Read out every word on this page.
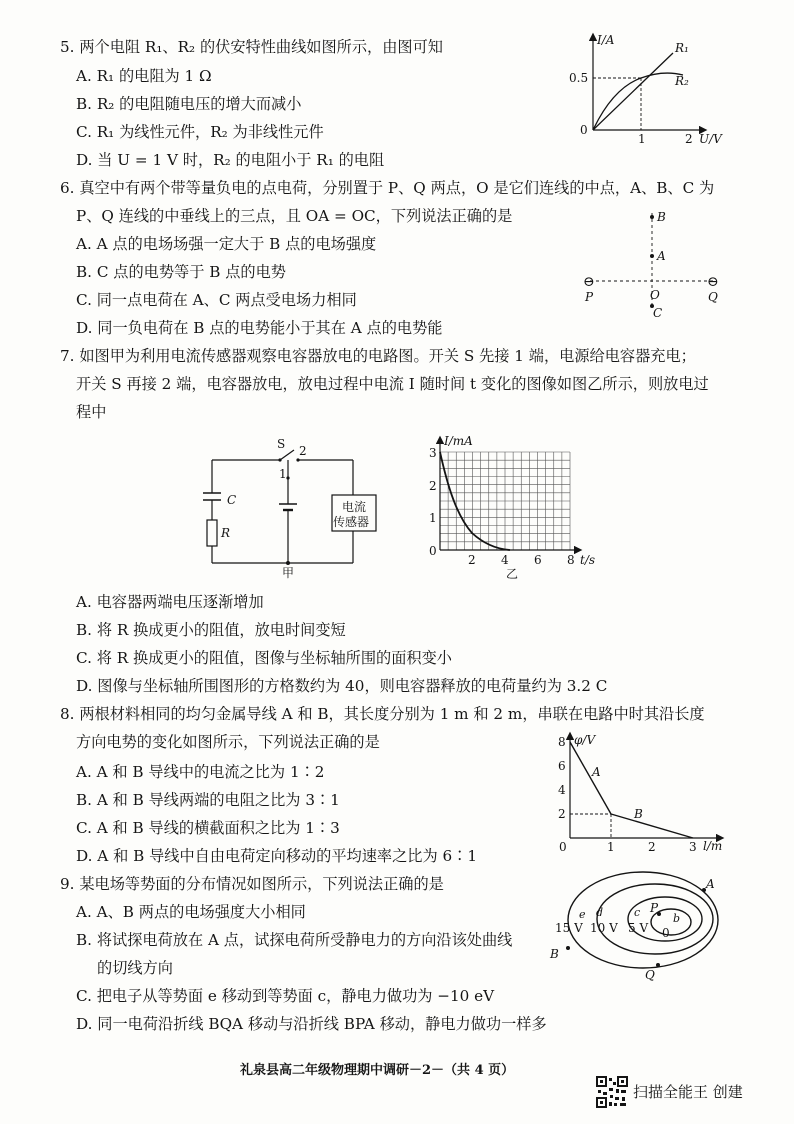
5. 两个电阻 R₁、R₂ 的伏安特性曲线如图所示，由图可知
A. R₁ 的电阻为 1 Ω
B. R₂ 的电阻随电压的增大而减小
C. R₁ 为线性元件，R₂ 为非线性元件
D. 当 U = 1 V 时，R₂ 的电阻小于 R₁ 的电阻
I/A
U/V
0
0.5
1	2
R₁
R₂
6. 真空中有两个带等量负电的点电荷，分别置于 P、Q 两点，O 是它们连线的中点，A、B、C 为
P、Q 连线的中垂线上的三点，且 OA = OC，下列说法正确的是
A. A 点的电场场强一定大于 B 点的电场强度
B. C 点的电势等于 B 点的电势
C. 同一点电荷在 A、C 两点受电场力相同
D. 同一负电荷在 B 点的电势能小于其在 A 点的电势能
⊖	⊖
P	Q
B
A
O
C
7. 如图甲为利用电流传感器观察电容器放电的电路图。开关 S 先接 1 端，电源给电容器充电；
开关 S 再接 2 端，电容器放电，放电过程中电流 I 随时间 t 变化的图像如图乙所示，则放电过
程中
S 2
1
C
R
电流
传感器
甲
I/mA
t/s
0
2 4 6 8
1
2
3
乙
A. 电容器两端电压逐渐增加
B. 将 R 换成更小的阻值，放电时间变短
C. 将 R 换成更小的阻值，图像与坐标轴所围的面积变小
D. 图像与坐标轴所围图形的方格数约为 40，则电容器释放的电荷量约为 3.2 C
8. 两根材料相同的均匀金属导线 A 和 B，其长度分别为 1 m 和 2 m，串联在电路中时其沿长度
方向电势的变化如图所示，下列说法正确的是
A. A 和 B 导线中的电流之比为 1∶2
B. A 和 B 导线两端的电阻之比为 3∶1
C. A 和 B 导线的横截面积之比为 1∶3
D. A 和 B 导线中自由电荷定向移动的平均速率之比为 6∶1
A
B
φ/V
l/m
0	1	2	3
2
4
6
8
9. 某电场等势面的分布情况如图所示，下列说法正确的是
A. A、B 两点的电场强度大小相同
B. 将试探电荷放在 A 点，试探电荷所受静电力的方向沿该处曲线
的切线方向
C. 把电子从等势面 e 移动到等势面 c，静电力做功为 −10 eV
D. 同一电荷沿折线 BQA 移动与沿折线 BPA 移动，静电力做功一样多
A
B
P
Q
e d	c	b
15 V 10 V 5 V 0
礼泉县高二年级物理期中调研－2－（共 4 页）
扫描全能王 创建
